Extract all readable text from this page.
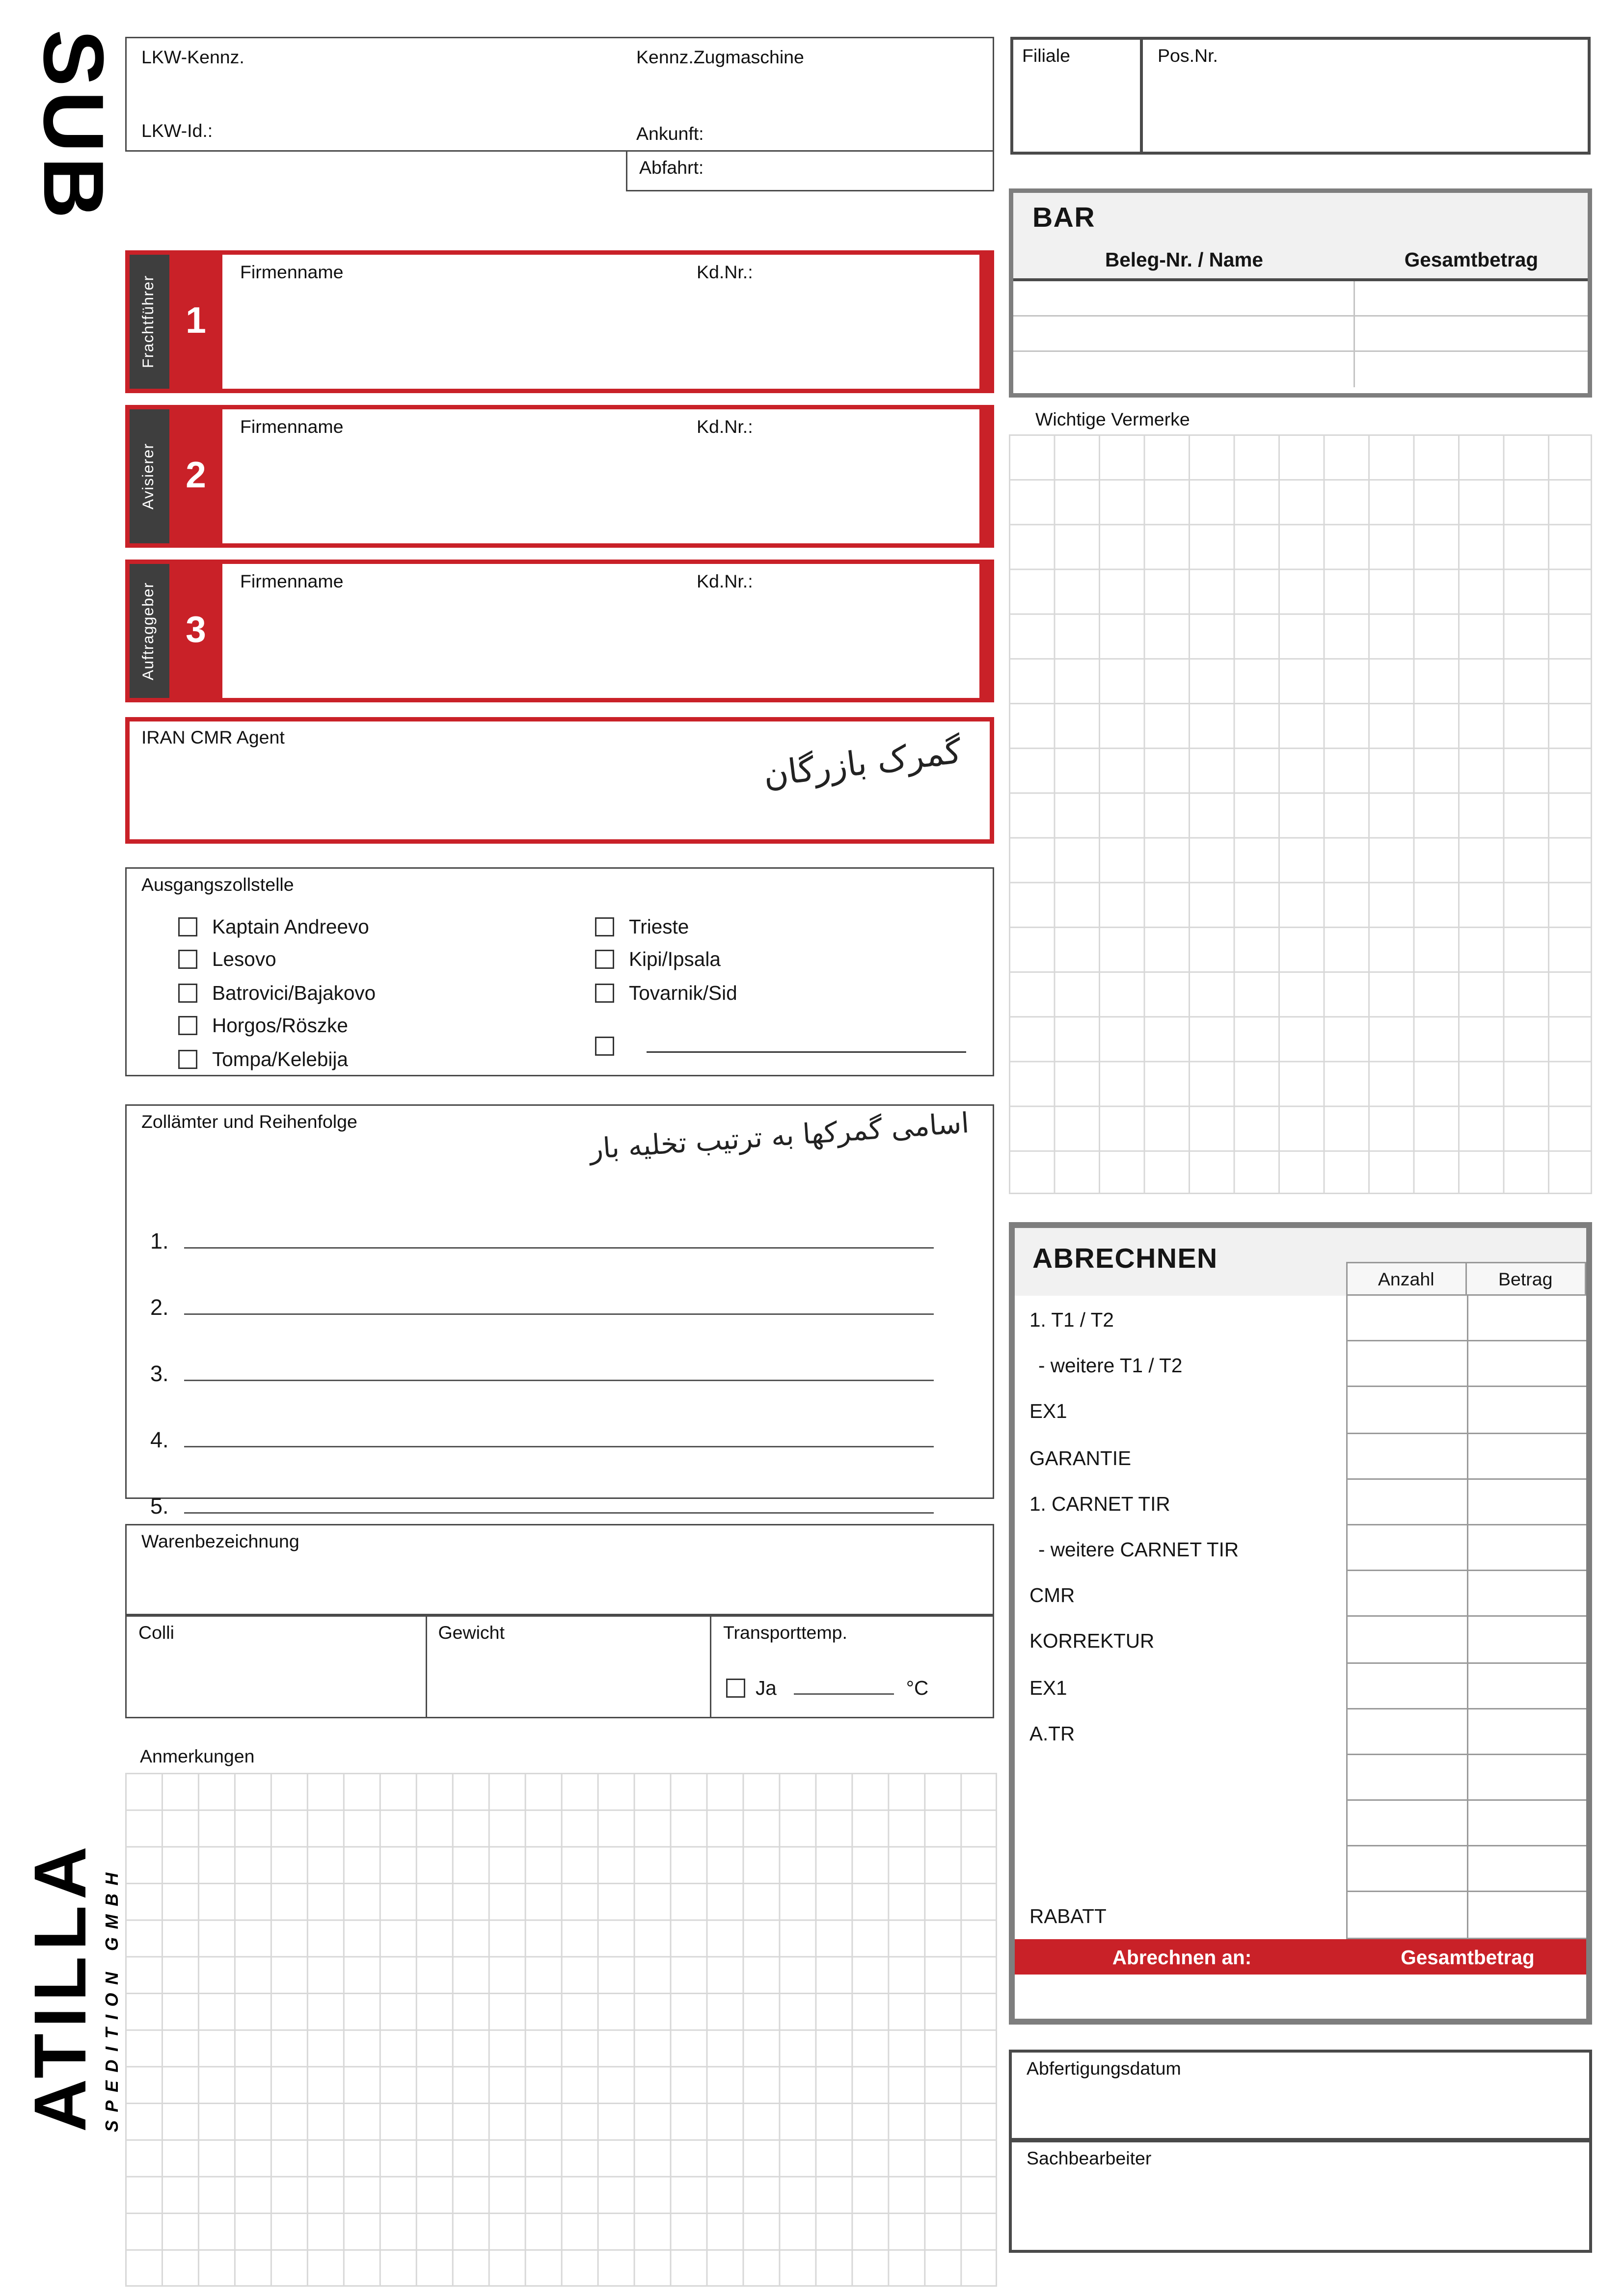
SUB
ATILLA SPEDITION GMBH
LKW-Kennz.	Kennz.Zugmaschine
LKW-Id.:	Ankunft:
Abfahrt:
Filiale	Pos.Nr.
BAR
Beleg-Nr. / Name	Gesamtbetrag
Frachtführer	1
Firmenname	Kd.Nr.:
Avisierer	2
Firmenname	Kd.Nr.:
Auftraggeber	3
Firmenname	Kd.Nr.:
IRAN CMR Agent	گمرک بازرگان
Wichtige Vermerke
Ausgangszollstelle
Kaptain Andreevo
Lesovo
Batrovici/Bajakovo
Horgos/Röszke
Tompa/Kelebija
Trieste
Kipi/Ipsala
Tovarnik/Sid
Zollämter und Reihenfolge	اسامی گمرکها به ترتیب تخلیه بار
1.
2.
3.
4.
5.
Warenbezeichnung
Colli	Gewicht	Transporttemp.
Ja	°C
Anmerkungen
ABRECHNEN
Anzahl	Betrag
1. T1 / T2
- weitere T1 / T2
EX1
GARANTIE
1. CARNET TIR
- weitere CARNET TIR
CMR
KORREKTUR
EX1
A.TR
RABATT
Abrechnen an:	Gesamtbetrag
Abfertigungsdatum
Sachbearbeiter
